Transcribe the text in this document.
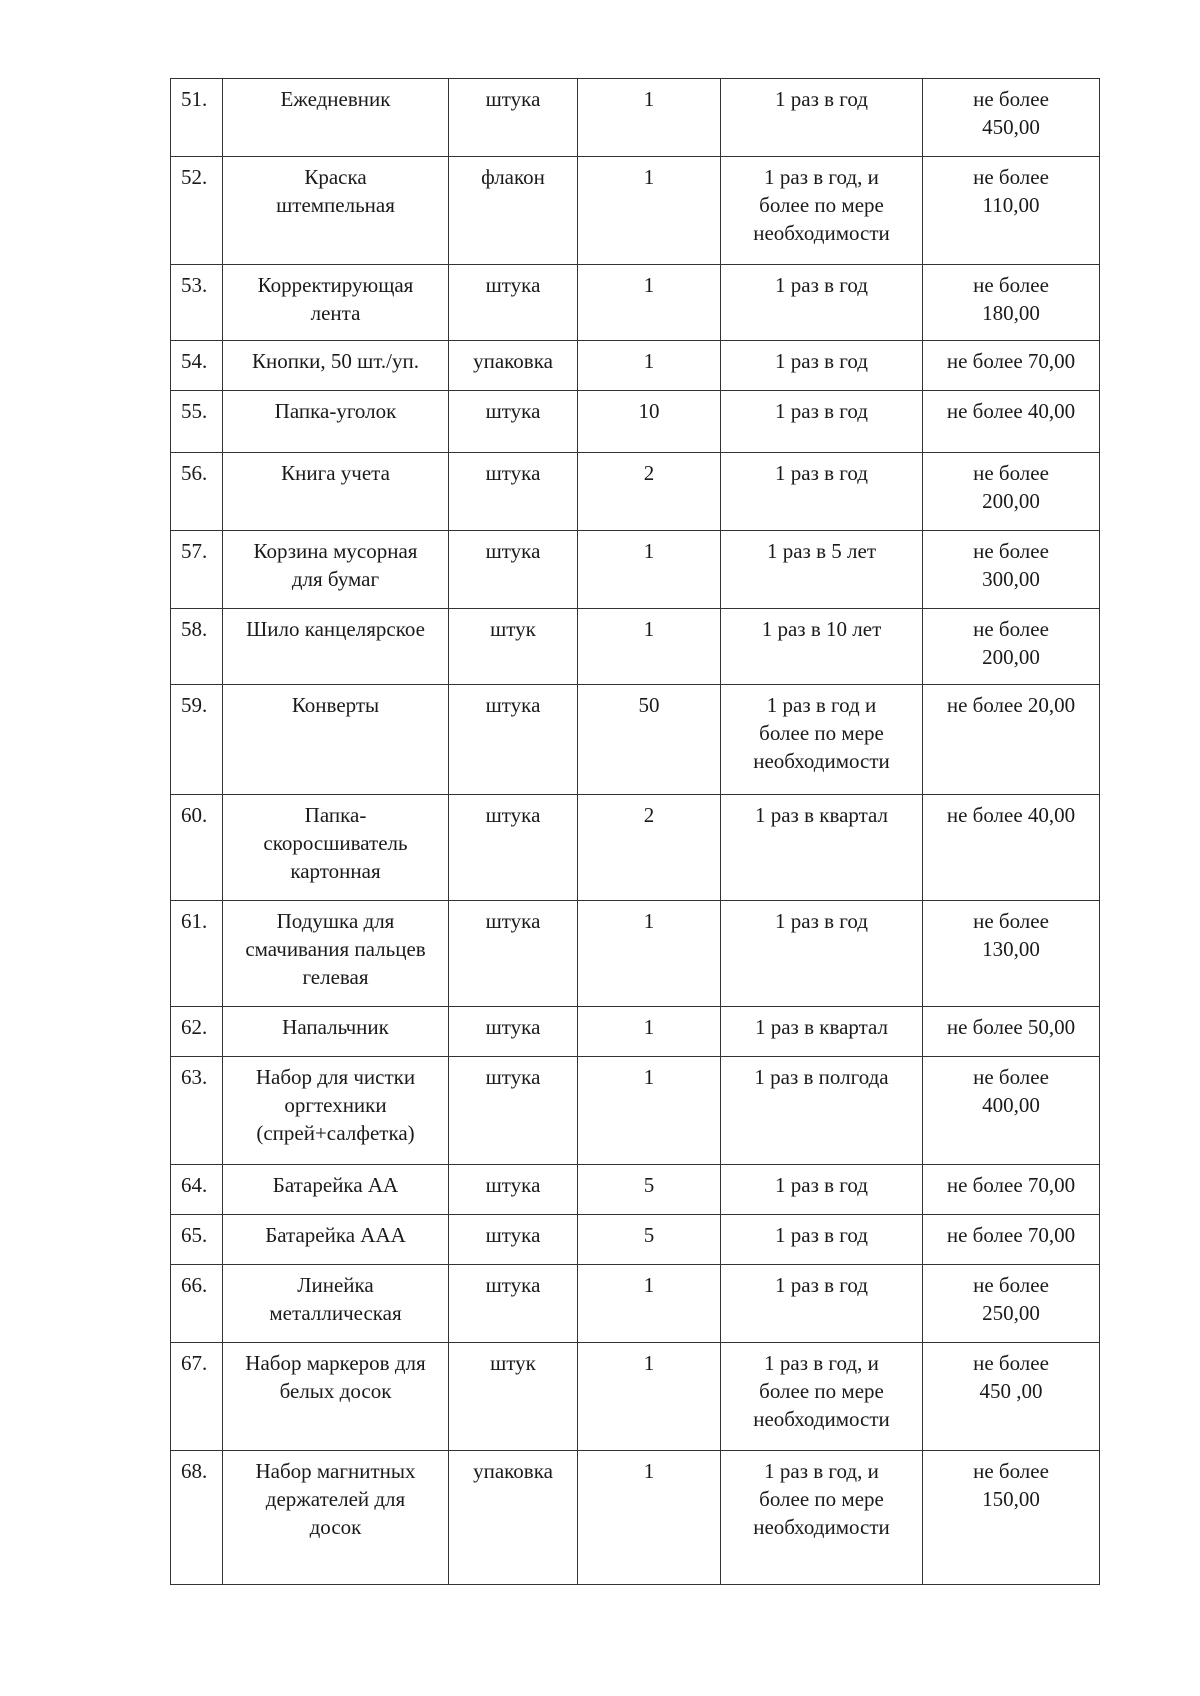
51.	Ежедневник	штука	1	1 раз в год	не более
450,00
52.	Краска
штемпельная	флакон	1	1 раз в год, и
более по мере
необходимости	не более
110,00
53.	Корректирующая
лента	штука	1	1 раз в год	не более
180,00
54.	Кнопки, 50 шт./уп.	упаковка	1	1 раз в год	не более 70,00
55.	Папка-уголок	штука	10	1 раз в год	не более 40,00
56.	Книга учета	штука	2	1 раз в год	не более
200,00
57.	Корзина мусорная
для бумаг	штука	1	1 раз в 5 лет	не более
300,00
58.	Шило канцелярское	штук	1	1 раз в 10 лет	не более
200,00
59.	Конверты	штука	50	1 раз в год и
более по мере
необходимости	не более 20,00
60.	Папка-
скоросшиватель
картонная	штука	2	1 раз в квартал	не более 40,00
61.	Подушка для
смачивания пальцев
гелевая	штука	1	1 раз в год	не более
130,00
62.	Напальчник	штука	1	1 раз в квартал	не более 50,00
63.	Набор для чистки
оргтехники
(спрей+салфетка)	штука	1	1 раз в полгода	не более
400,00
64.	Батарейка АА	штука	5	1 раз в год	не более 70,00
65.	Батарейка ААА	штука	5	1 раз в год	не более 70,00
66.	Линейка
металлическая	штука	1	1 раз в год	не более
250,00
67.	Набор маркеров для
белых досок	штук	1	1 раз в год, и
более по мере
необходимости	не более
450 ,00
68.	Набор магнитных
держателей для
досок	упаковка	1	1 раз в год, и
более по мере
необходимости	не более
150,00
